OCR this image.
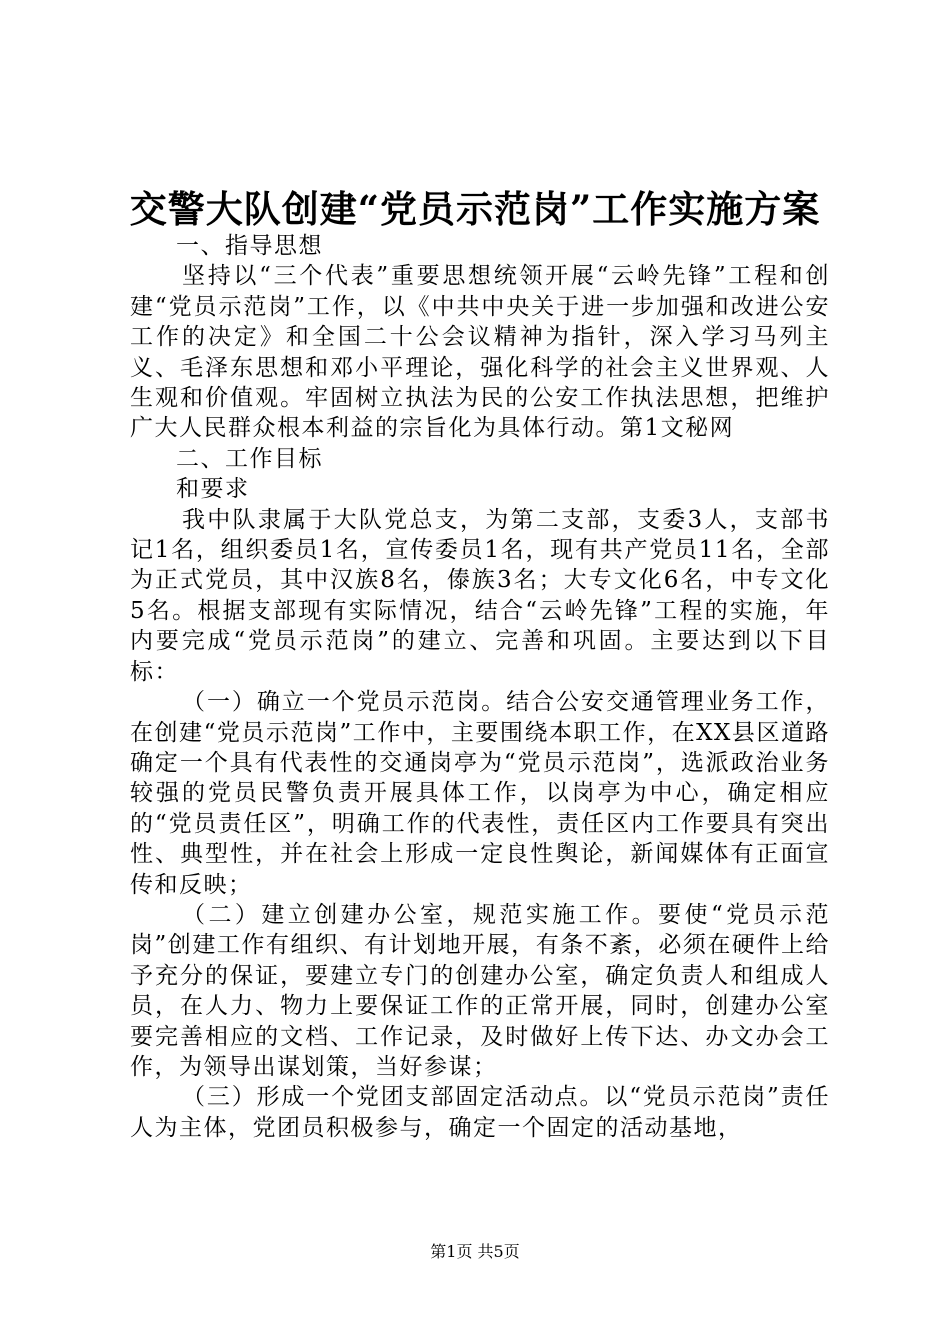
交警大队创建“党员示范岗”工作实施方案

一、指导思想

坚持以“三个代表”重要思想统领开展“云岭先锋”工程和创建“党员示范岗”工作，以《中共中央关于进一步加强和改进公安工作的决定》和全国二十公会议精神为指针，深入学习马列主义、毛泽东思想和邓小平理论，强化科学的社会主义世界观、人生观和价值观。牢固树立执法为民的公安工作执法思想，把维护广大人民群众根本利益的宗旨化为具体行动。第1文秘网

二、工作目标

和要求

我中队隶属于大队党总支，为第二支部，支委3人，支部书记1名，组织委员1名，宣传委员1名，现有共产党员11名，全部为正式党员，其中汉族8名，傣族3名；大专文化6名，中专文化5名。根据支部现有实际情况，结合“云岭先锋”工程的实施，年内要完成“党员示范岗”的建立、完善和巩固。主要达到以下目标：

（一）确立一个党员示范岗。结合公安交通管理业务工作，在创建“党员示范岗”工作中，主要围绕本职工作，在XX县区道路确定一个具有代表性的交通岗亭为“党员示范岗”，选派政治业务较强的党员民警负责开展具体工作，以岗亭为中心，确定相应的“党员责任区”，明确工作的代表性，责任区内工作要具有突出性、典型性，并在社会上形成一定良性舆论，新闻媒体有正面宣传和反映；

（二）建立创建办公室，规范实施工作。要使“党员示范岗”创建工作有组织、有计划地开展，有条不紊，必须在硬件上给予充分的保证，要建立专门的创建办公室，确定负责人和组成人员，在人力、物力上要保证工作的正常开展，同时，创建办公室要完善相应的文档、工作记录，及时做好上传下达、办文办会工作，为领导出谋划策，当好参谋；

（三）形成一个党团支部固定活动点。以“党员示范岗”责任人为主体，党团员积极参与，确定一个固定的活动基地，

第1页 共5页
